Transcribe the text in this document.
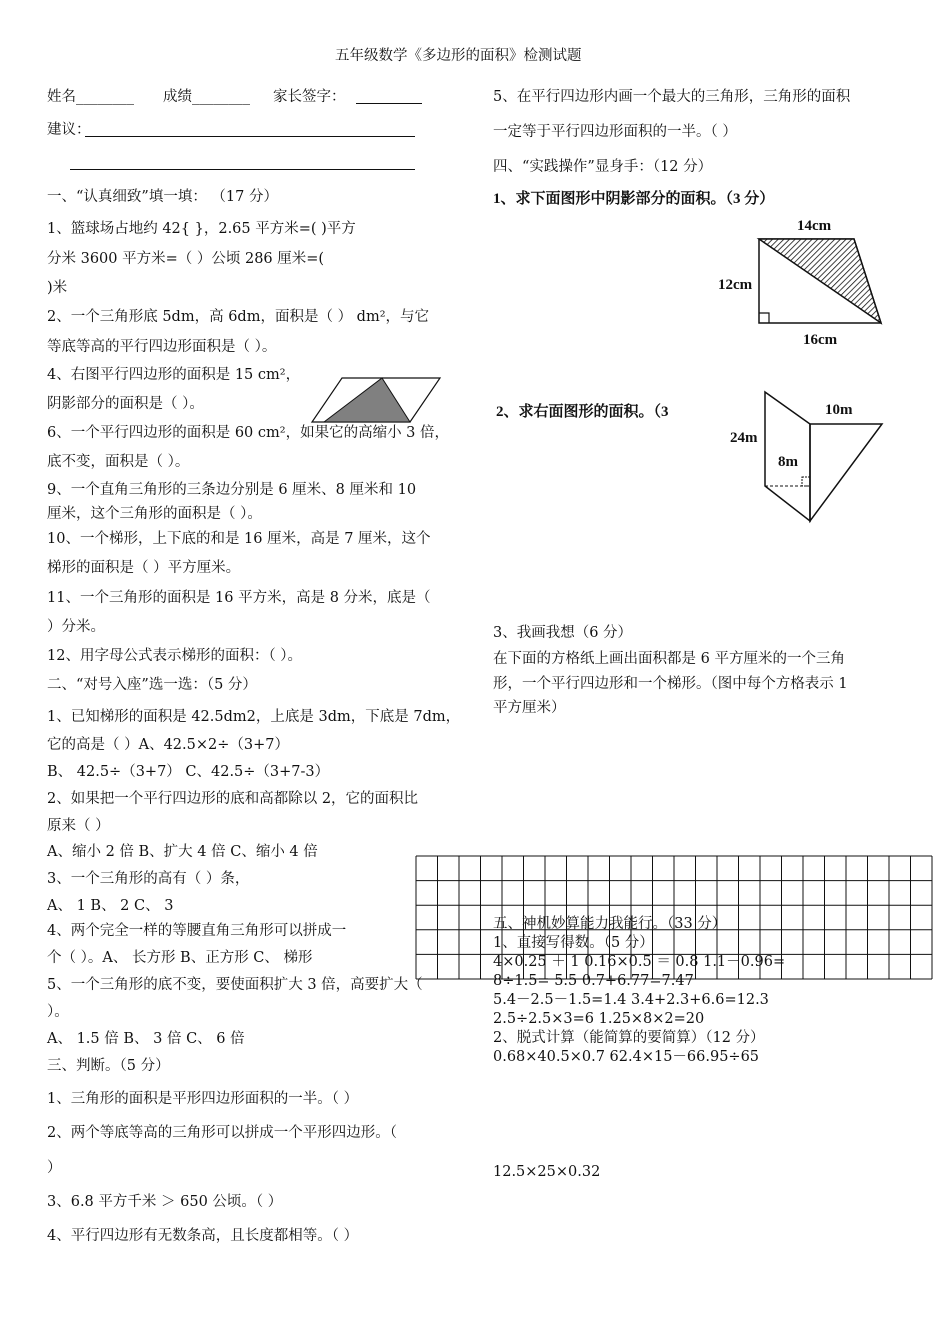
五年级数学《多边形的面积》检测试题
姓名________ 成绩________ 家长签字：
建议：
一、“认真细致”填一填： （17 分）
1、篮球场占地约 42{ }，2.65 平方米=( )平方
分米 3600 平方米=（ ）公顷 286 厘米=(
)米
2、一个三角形底 5dm，高 6dm，面积是（ ） dm²，与它
等底等高的平行四边形面积是（ ）。
4、右图平行四边形的面积是 15 cm²，
阴影部分的面积是（ ）。
6、一个平行四边形的面积是 60 cm²，如果它的高缩小 3 倍，
底不变，面积是（ ）。
9、一个直角三角形的三条边分别是 6 厘米、8 厘米和 10
厘米，这个三角形的面积是（ ）。
10、一个梯形，上下底的和是 16 厘米，高是 7 厘米，这个
梯形的面积是（ ）平方厘米。
11、一个三角形的面积是 16 平方米，高是 8 分米，底是（
）分米。
12、用字母公式表示梯形的面积：（ ）。
二、“对号入座”选一选：（5 分）
1、已知梯形的面积是 42.5dm2，上底是 3dm，下底是 7dm，
它的高是（ ）A、42.5×2÷（3+7）
B、 42.5÷（3+7） C、42.5÷（3+7-3）
2、如果把一个平行四边形的底和高都除以 2，它的面积比
原来（ ）
A、缩小 2 倍 B、扩大 4 倍 C、缩小 4 倍
3、一个三角形的高有（ ）条，
A、 1 B、 2 C、 3
4、两个完全一样的等腰直角三角形可以拼成一
个（ ）。A、 长方形 B、正方形 C、 梯形
5、一个三角形的底不变，要使面积扩大 3 倍，高要扩大（
）。
A、 1.5 倍 B、 3 倍 C、 6 倍
三、判断。（5 分）
1、三角形的面积是平形四边形面积的一半。（ ）
2、两个等底等高的三角形可以拼成一个平形四边形。（
）
3、6.8 平方千米 ＞ 650 公顷。（ ）
4、平行四边形有无数条高，且长度都相等。（ ）
5、在平行四边形内画一个最大的三角形，三角形的面积
一定等于平行四边形面积的一半。（ ）
四、“实践操作”显身手：（12 分）
1、求下面图形中阴影部分的面积。（3 分）
14cm
12cm
16cm
2、求右面图形的面积。（3	10m
24m
8m
3、我画我想（6 分）
在下面的方格纸上画出面积都是 6 平方厘米的一个三角
形，一个平行四边形和一个梯形。（图中每个方格表示 1
平方厘米）
五、神机妙算能力我能行。（33 分）
1、直接写得数。（5 分）
4×0.25 ＋ 1 0.16×0.5 ＝ 0.8 1.1－0.96=
8÷1.5= 5.5 0.7+6.77=7.47
5.4－2.5－1.5=1.4 3.4+2.3+6.6=12.3
2.5÷2.5×3=6 1.25×8×2=20
2、脱式计算（能简算的要简算）（12 分）
0.68×40.5×0.7 62.4×15－66.95÷65
12.5×25×0.32
